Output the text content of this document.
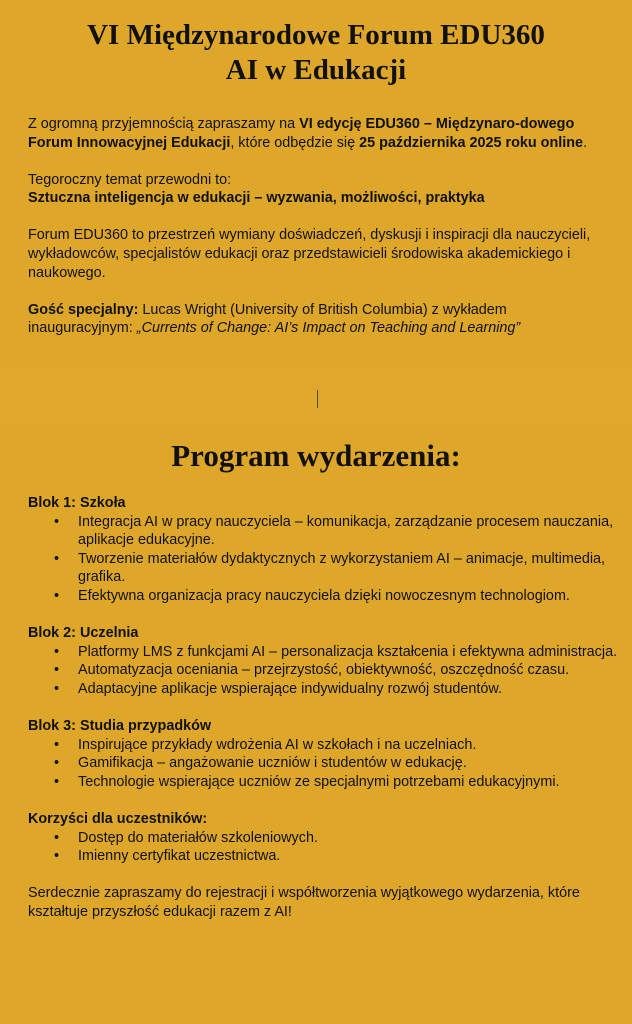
VI Międzynarodowe Forum EDU360
AI w Edukacji

Z ogromną przyjemnością zapraszamy na VI edycję EDU360 – Międzynaro-dowego Forum Innowacyjnej Edukacji, które odbędzie się 25 października 2025 roku online.

Tegoroczny temat przewodni to:
Sztuczna inteligencja w edukacji – wyzwania, możliwości, praktyka

Forum EDU360 to przestrzeń wymiany doświadczeń, dyskusji i inspiracji dla nauczycieli, wykładowców, specjalistów edukacji oraz przedstawicieli środowiska akademickiego i naukowego.

Gość specjalny: Lucas Wright (University of British Columbia) z wykładem inauguracyjnym: „Currents of Change: AI’s Impact on Teaching and Learning”

Program wydarzenia:
Blok 1: Szkoła
• Integracja AI w pracy nauczyciela – komunikacja, zarządzanie procesem nauczania, aplikacje edukacyjne.
• Tworzenie materiałów dydaktycznych z wykorzystaniem AI – animacje, multimedia, grafika.
• Efektywna organizacja pracy nauczyciela dzięki nowoczesnym technologiom.
Blok 2: Uczelnia
• Platformy LMS z funkcjami AI – personalizacja kształcenia i efektywna administracja.
• Automatyzacja oceniania – przejrzystość, obiektywność, oszczędność czasu.
• Adaptacyjne aplikacje wspierające indywidualny rozwój studentów.
Blok 3: Studia przypadków
• Inspirujące przykłady wdrożenia AI w szkołach i na uczelniach.
• Gamifikacja – angażowanie uczniów i studentów w edukację.
• Technologie wspierające uczniów ze specjalnymi potrzebami edukacyjnymi.
Korzyści dla uczestników:
• Dostęp do materiałów szkoleniowych.
• Imienny certyfikat uczestnictwa.

Serdecznie zapraszamy do rejestracji i współtworzenia wyjątkowego wydarzenia, które kształtuje przyszłość edukacji razem z AI!
